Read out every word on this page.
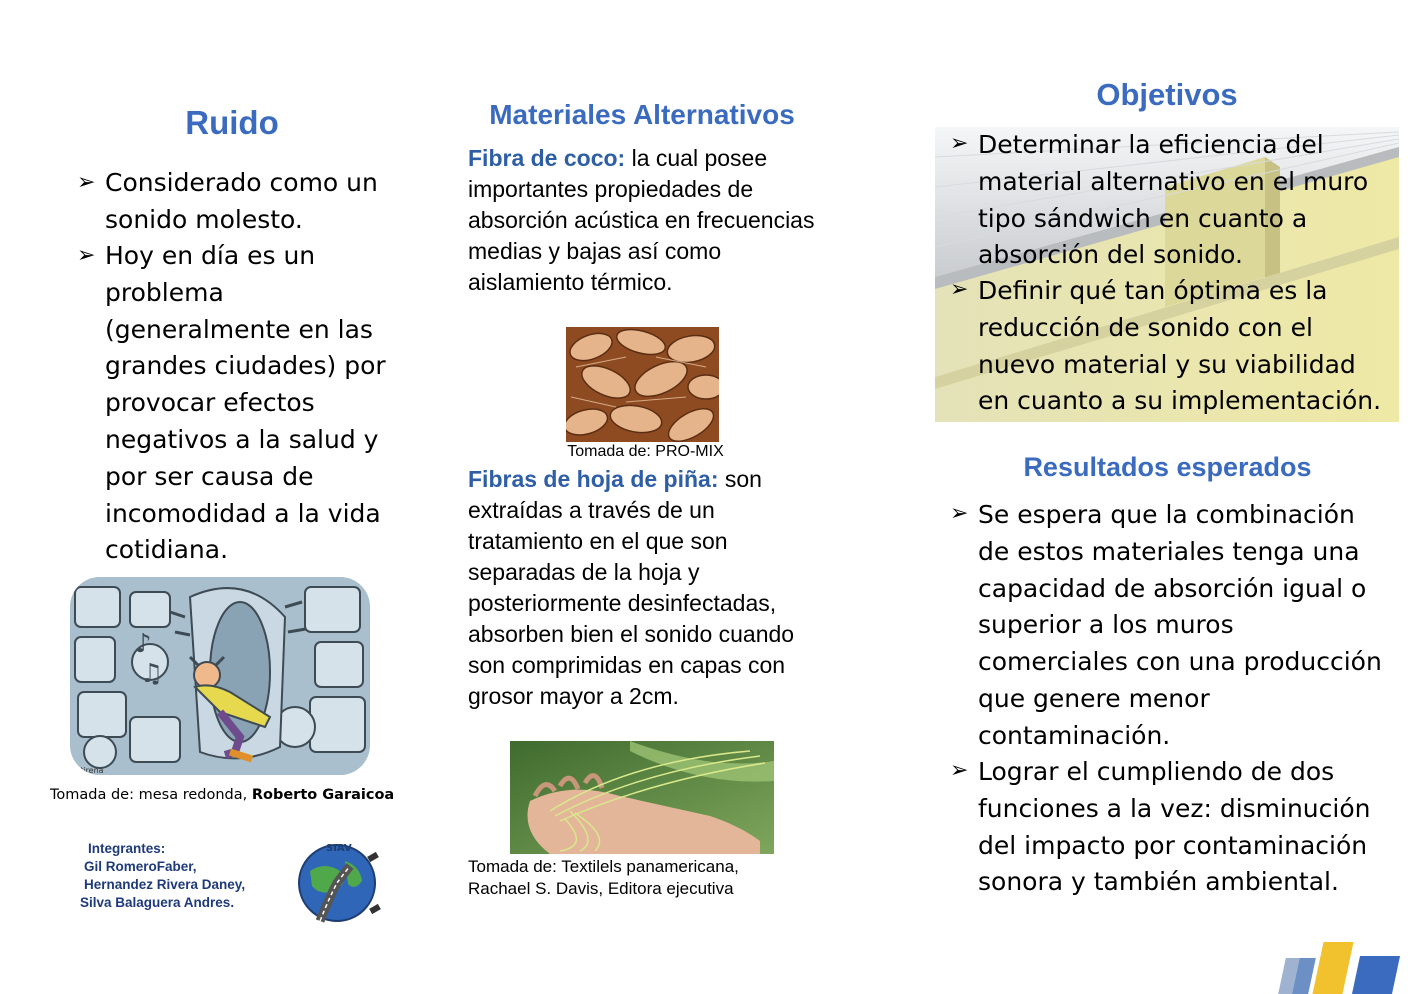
Ruido
➢ Considerado como un sonido molesto.
➢ Hoy en día es un problema (generalmente en las grandes ciudades) por provocar efectos negativos a la salud y por ser causa de incomodidad a la vida cotidiana.
♪
♫
artirena
Tomada de: mesa redonda, Roberto Garaicoa
Integrantes:
Gil RomeroFaber,
Hernandez Rivera Daney,
Silva Balaguera Andres.
SIAV
Materiales Alternativos
Fibra de coco: la cual posee importantes propiedades de absorción acústica en frecuencias medias y bajas así como aislamiento térmico.
Tomada de: PRO-MIX
Fibras de hoja de piña: son extraídas a través de un tratamiento en el que son separadas de la hoja y posteriormente desinfectadas, absorben bien el sonido cuando son comprimidas en capas con grosor mayor a 2cm.
Tomada de: Textilels panamericana,
Rachael S. Davis, Editora ejecutiva
Objetivos
➢ Determinar la eficiencia del material alternativo en el muro tipo sándwich en cuanto a absorción del sonido.
➢ Definir qué tan óptima es la reducción de sonido con el nuevo material y su viabilidad en cuanto a su implementación.
Resultados esperados
➢ Se espera que la combinación de estos materiales tenga una capacidad de absorción igual o superior a los muros comerciales con una producción que genere menor contaminación.
➢ Lograr el cumpliendo de dos funciones a la vez: disminución del impacto por contaminación sonora y también ambiental.
